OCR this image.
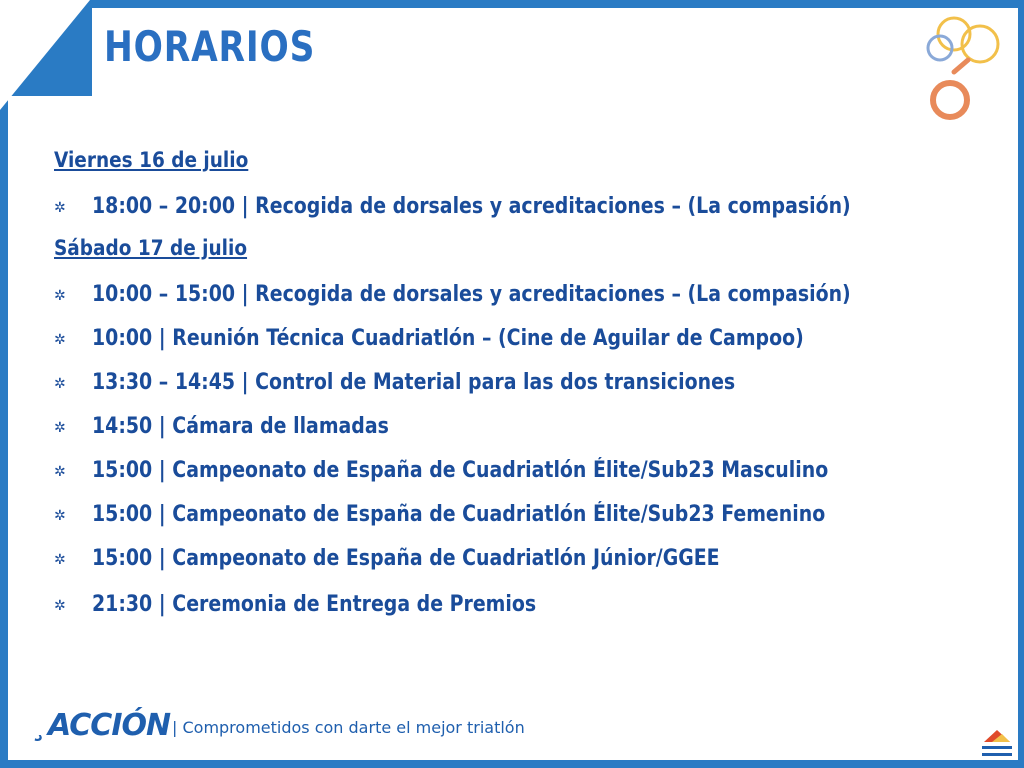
HORARIOS
Viernes 16 de julio
✲ 18:00 – 20:00 | Recogida de dorsales y acreditaciones – (La compasión)
Sábado 17 de julio
✲ 10:00 – 15:00 | Recogida de dorsales y acreditaciones – (La compasión)
✲ 10:00 | Reunión Técnica Cuadriatlón – (Cine de Aguilar de Campoo)
✲ 13:30 – 14:45 | Control de Material para las dos transiciones
✲ 14:50 | Cámara de llamadas
✲ 15:00 | Campeonato de España de Cuadriatlón Élite/Sub23 Masculino
✲ 15:00 | Campeonato de España de Cuadriatlón Élite/Sub23 Femenino
✲ 15:00 | Campeonato de España de Cuadriatlón Júnior/GGEE
✲ 21:30 | Ceremonia de Entrega de Premios
¸ACCIÓN | Comprometidos con darte el mejor triatlón
